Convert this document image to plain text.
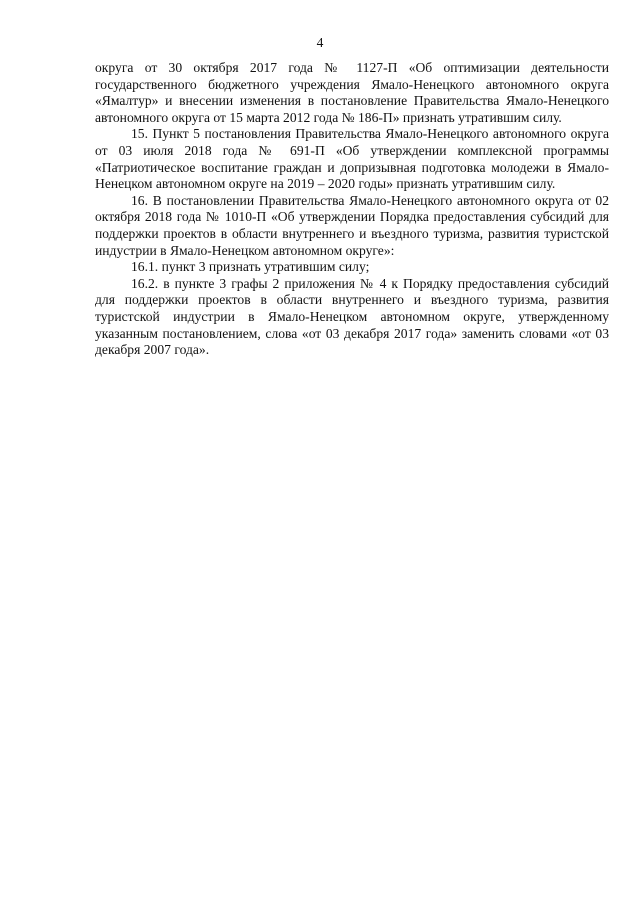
4

округа от 30 октября 2017 года № 1127-П «Об оптимизации деятельности государственного бюджетного учреждения Ямало-Ненецкого автономного округа «Ямалтур» и внесении изменения в постановление Правительства Ямало-Ненецкого автономного округа от 15 марта 2012 года № 186-П» признать утратившим силу.

15. Пункт 5 постановления Правительства Ямало-Ненецкого автономного округа от 03 июля 2018 года № 691-П «Об утверждении комплексной программы «Патриотическое воспитание граждан и допризывная подготовка молодежи в Ямало-Ненецком автономном округе на 2019 – 2020 годы» признать утратившим силу.

16. В постановлении Правительства Ямало-Ненецкого автономного округа от 02 октября 2018 года № 1010-П «Об утверждении Порядка предоставления субсидий для поддержки проектов в области внутреннего и въездного туризма, развития туристской индустрии в Ямало-Ненецком автономном округе»:

16.1. пункт 3 признать утратившим силу;

16.2. в пункте 3 графы 2 приложения № 4 к Порядку предоставления субсидий для поддержки проектов в области внутреннего и въездного туризма, развития туристской индустрии в Ямало-Ненецком автономном округе, утвержденному указанным постановлением, слова «от 03 декабря 2017 года» заменить словами «от 03 декабря 2007 года».
